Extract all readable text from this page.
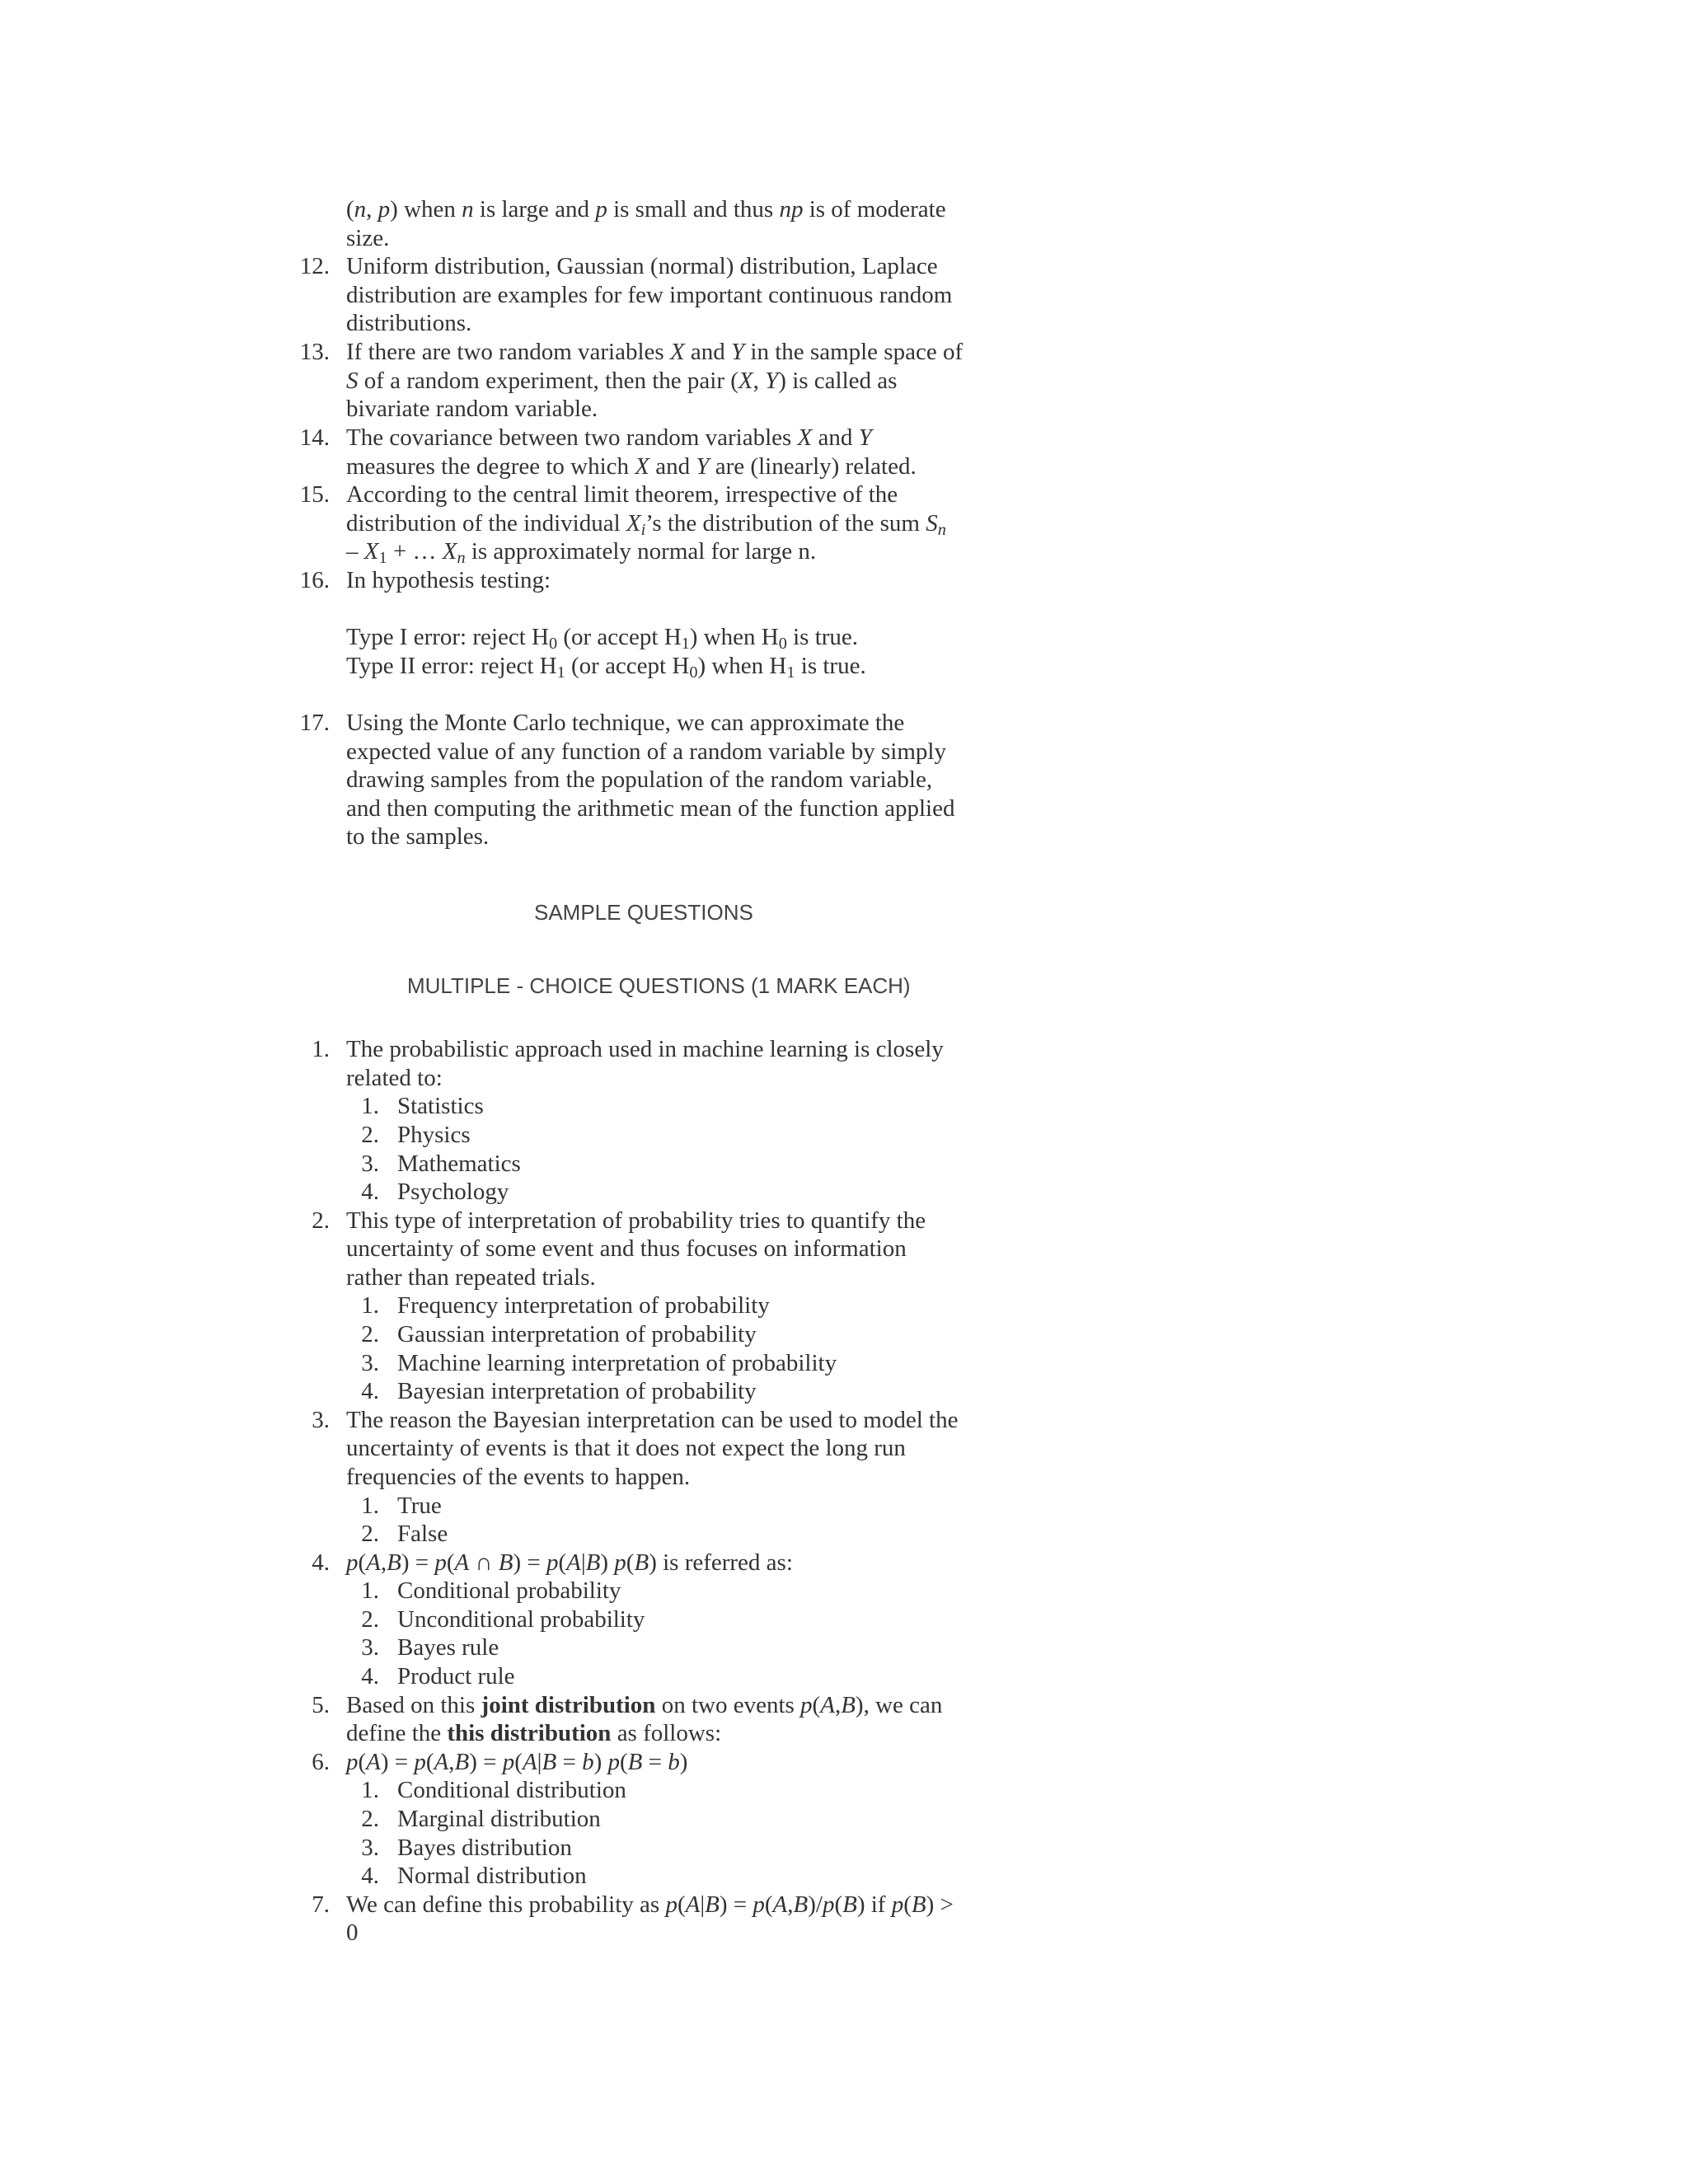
(n, p) when n is large and p is small and thus np is of moderate
size.
12. Uniform distribution, Gaussian (normal) distribution, Laplace
distribution are examples for few important continuous random
distributions.
13. If there are two random variables X and Y in the sample space of
S of a random experiment, then the pair (X, Y) is called as
bivariate random variable.
14. The covariance between two random variables X and Y
measures the degree to which X and Y are (linearly) related.
15. According to the central limit theorem, irrespective of the
distribution of the individual $X_i’s$ the distribution of the sum $S_n$
– $X_1$ + … $X_n$ is approximately normal for large n.
16. In hypothesis testing:
Type I error: reject $H_0$ (or accept $H_1$) when $H_0$ is true.
Type II error: reject $H_1$ (or accept $H_0$) when $H_1$ is true.
17. Using the Monte Carlo technique, we can approximate the
expected value of any function of a random variable by simply
drawing samples from the population of the random variable,
and then computing the arithmetic mean of the function applied
to the samples.
SAMPLE QUESTIONS
MULTIPLE - CHOICE QUESTIONS (1 MARK EACH)
1. The probabilistic approach used in machine learning is closely
related to:
1. Statistics
2. Physics
3. Mathematics
4. Psychology
2. This type of interpretation of probability tries to quantify the
uncertainty of some event and thus focuses on information
rather than repeated trials.
1. Frequency interpretation of probability
2. Gaussian interpretation of probability
3. Machine learning interpretation of probability
4. Bayesian interpretation of probability
3. The reason the Bayesian interpretation can be used to model the
uncertainty of events is that it does not expect the long run
frequencies of the events to happen.
1. True
2. False
4. p(A,B) = p(A ∩ B) = p(A|B) p(B) is referred as:
1. Conditional probability
2. Unconditional probability
3. Bayes rule
4. Product rule
5. Based on this joint distribution on two events p(A,B), we can
define the this distribution as follows:
6. p(A) = p(A,B) = p(A|B = b) p(B = b)
1. Conditional distribution
2. Marginal distribution
3. Bayes distribution
4. Normal distribution
7. We can define this probability as p(A|B) = p(A,B)/p(B) if p(B) >
0
